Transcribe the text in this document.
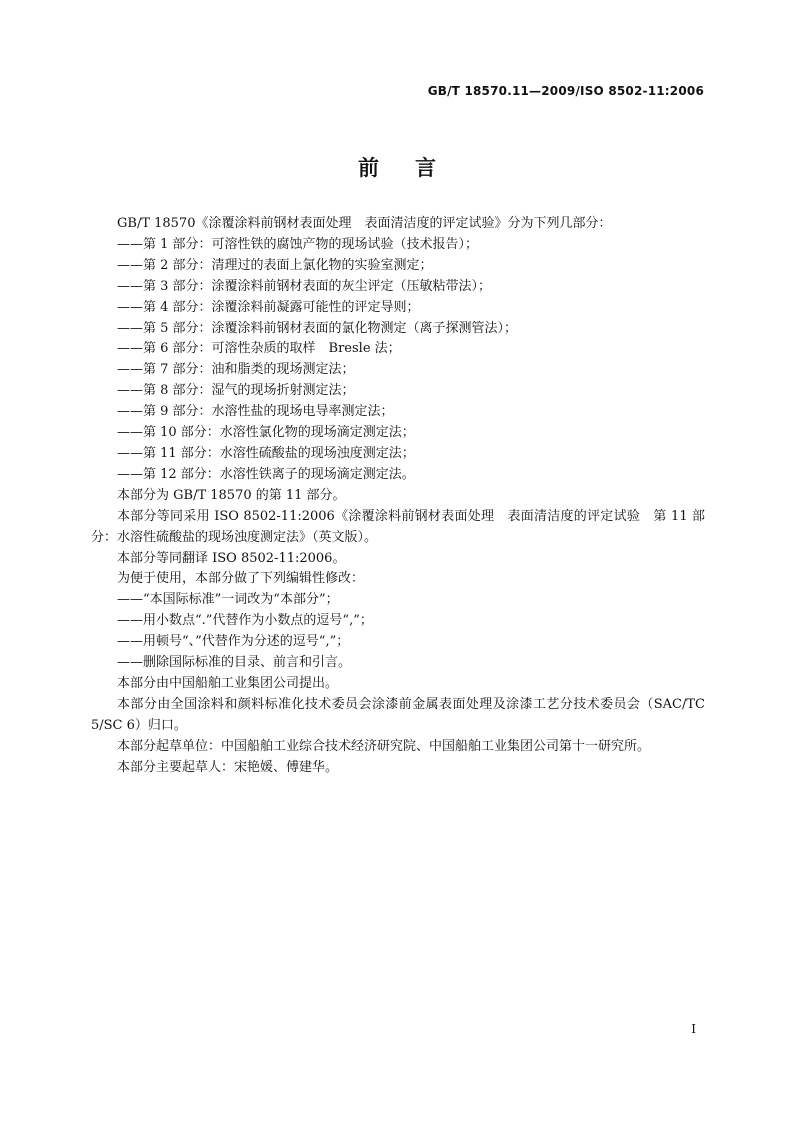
GB/T 18570.11—2009/ISO 8502-11:2006
前言

GB/T 18570《涂覆涂料前钢材表面处理　表面清洁度的评定试验》分为下列几部分：

——第 1 部分：可溶性铁的腐蚀产物的现场试验（技术报告）；

——第 2 部分：清理过的表面上氯化物的实验室测定；

——第 3 部分：涂覆涂料前钢材表面的灰尘评定（压敏粘带法）；

——第 4 部分：涂覆涂料前凝露可能性的评定导则；

——第 5 部分：涂覆涂料前钢材表面的氯化物测定（离子探测管法）；

——第 6 部分：可溶性杂质的取样　Bresle 法；

——第 7 部分：油和脂类的现场测定法；

——第 8 部分：湿气的现场折射测定法；

——第 9 部分：水溶性盐的现场电导率测定法；

——第 10 部分：水溶性氯化物的现场滴定测定法；

——第 11 部分：水溶性硫酸盐的现场浊度测定法；

——第 12 部分：水溶性铁离子的现场滴定测定法。

本部分为 GB/T 18570 的第 11 部分。

本部分等同采用 ISO 8502-11:2006《涂覆涂料前钢材表面处理　表面清洁度的评定试验　第 11 部分：水溶性硫酸盐的现场浊度测定法》（英文版）。

本部分等同翻译 ISO 8502-11:2006。

为便于使用，本部分做了下列编辑性修改：

——“本国际标准”一词改为“本部分”；

——用小数点“.”代替作为小数点的逗号“,”；

——用顿号“、”代替作为分述的逗号“,”；

——删除国际标准的目录、前言和引言。

本部分由中国船舶工业集团公司提出。

本部分由全国涂料和颜料标准化技术委员会涂漆前金属表面处理及涂漆工艺分技术委员会（SAC/TC 5/SC 6）归口。

本部分起草单位：中国船舶工业综合技术经济研究院、中国船舶工业集团公司第十一研究所。

本部分主要起草人：宋艳媛、傅建华。

I
